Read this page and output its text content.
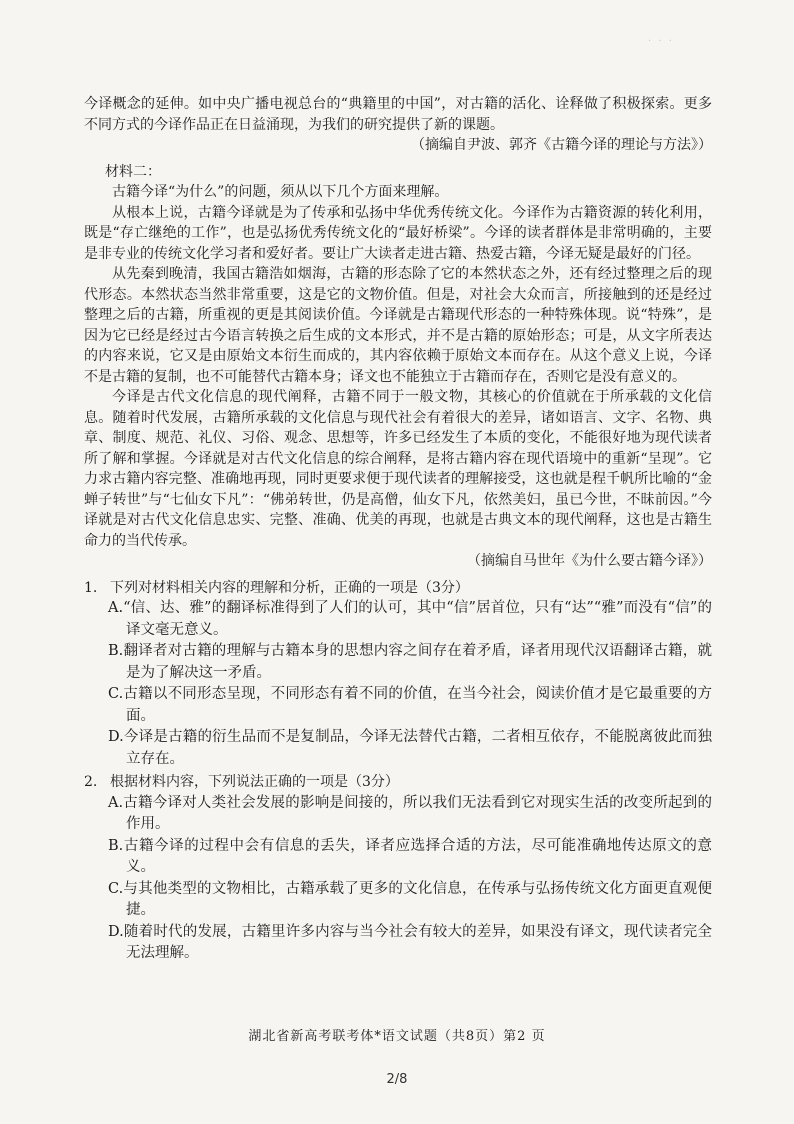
· · ·

今译概念的延伸。如中央广播电视总台的“典籍里的中国”，对古籍的活化、诠释做了积极探索。更多不同方式的今译作品正在日益涌现，为我们的研究提供了新的课题。

（摘编自尹波、郭齐《古籍今译的理论与方法》）

材料二：

古籍今译“为什么”的问题，须从以下几个方面来理解。

从根本上说，古籍今译就是为了传承和弘扬中华优秀传统文化。今译作为古籍资源的转化利用，既是“存亡继绝的工作”，也是弘扬优秀传统文化的“最好桥梁”。今译的读者群体是非常明确的，主要是非专业的传统文化学习者和爱好者。要让广大读者走进古籍、热爱古籍，今译无疑是最好的门径。

从先秦到晚清，我国古籍浩如烟海，古籍的形态除了它的本然状态之外，还有经过整理之后的现代形态。本然状态当然非常重要，这是它的文物价值。但是，对社会大众而言，所接触到的还是经过整理之后的古籍，所重视的更是其阅读价值。今译就是古籍现代形态的一种特殊体现。说“特殊”，是因为它已经是经过古今语言转换之后生成的文本形式，并不是古籍的原始形态；可是，从文字所表达的内容来说，它又是由原始文本衍生而成的，其内容依赖于原始文本而存在。从这个意义上说，今译不是古籍的复制，也不可能替代古籍本身；译文也不能独立于古籍而存在，否则它是没有意义的。

今译是古代文化信息的现代阐释，古籍不同于一般文物，其核心的价值就在于所承载的文化信息。随着时代发展，古籍所承载的文化信息与现代社会有着很大的差异，诸如语言、文字、名物、典章、制度、规范、礼仪、习俗、观念、思想等，许多已经发生了本质的变化，不能很好地为现代读者所了解和掌握。今译就是对古代文化信息的综合阐释，是将古籍内容在现代语境中的重新“呈现”。它力求古籍内容完整、准确地再现，同时更要求便于现代读者的理解接受，这也就是程千帆所比喻的“金蝉子转世”与“七仙女下凡”：“佛弟转世，仍是高僧，仙女下凡，依然美妇，虽已今世，不昧前因。”今译就是对古代文化信息忠实、完整、准确、优美的再现，也就是古典文本的现代阐释，这也是古籍生命力的当代传承。

（摘编自马世年《为什么要古籍今译》）

1. 下列对材料相关内容的理解和分析，正确的一项是（3分）

A.“信、达、雅”的翻译标准得到了人们的认可，其中“信”居首位，只有“达”“雅”而没有“信”的译文毫无意义。

B.翻译者对古籍的理解与古籍本身的思想内容之间存在着矛盾，译者用现代汉语翻译古籍，就是为了解决这一矛盾。

C.古籍以不同形态呈现，不同形态有着不同的价值，在当今社会，阅读价值才是它最重要的方面。

D.今译是古籍的衍生品而不是复制品，今译无法替代古籍，二者相互依存，不能脱离彼此而独立存在。

2. 根据材料内容，下列说法正确的一项是（3分）

A.古籍今译对人类社会发展的影响是间接的，所以我们无法看到它对现实生活的改变所起到的作用。

B.古籍今译的过程中会有信息的丢失，译者应选择合适的方法，尽可能准确地传达原文的意义。

C.与其他类型的文物相比，古籍承载了更多的文化信息，在传承与弘扬传统文化方面更直观便捷。

D.随着时代的发展，古籍里许多内容与当今社会有较大的差异，如果没有译文，现代读者完全无法理解。

湖北省新高考联考体*语文试题（共8页）第2 页
2/8
